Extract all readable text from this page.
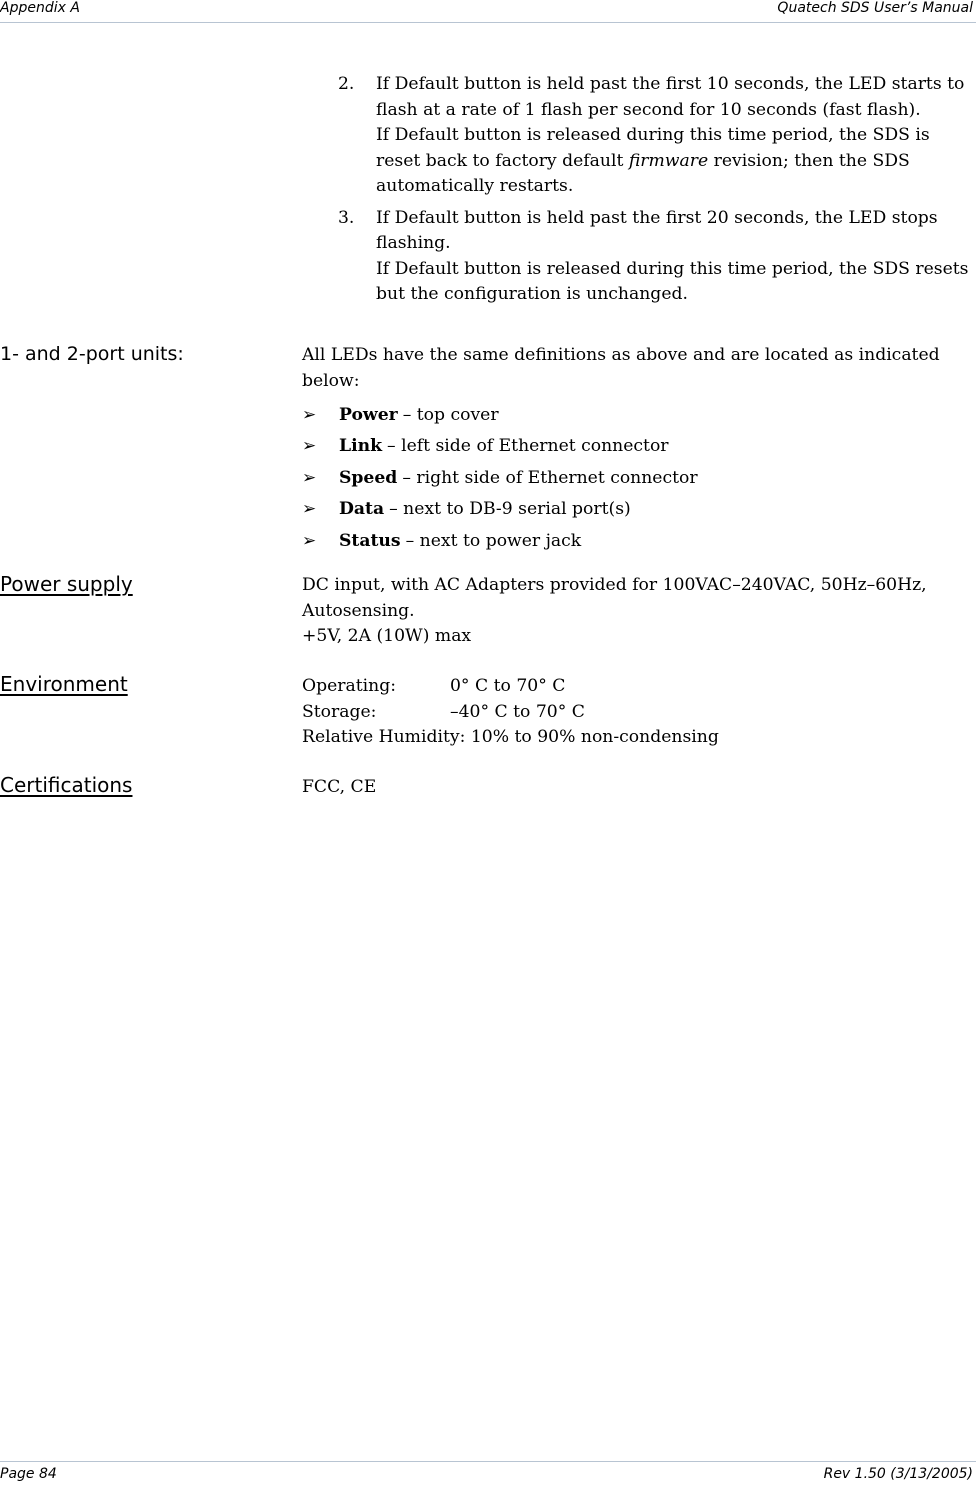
Appendix A	Quatech SDS User’s Manual
2.	If Default button is held past the first 10 seconds, the LED starts to flash at a rate of 1 flash per second for 10 seconds (fast flash).

If Default button is released during this time period, the SDS is reset back to factory default firmware revision; then the SDS automatically restarts.

3.	If Default button is held past the first 20 seconds, the LED stops flashing.

If Default button is released during this time period, the SDS resets but the configuration is unchanged.

1- and 2-port units:	All LEDs have the same definitions as above and are located as indicated below:

➢	Power – top cover
➢	Link – left side of Ethernet connector
➢	Speed – right side of Ethernet connector
➢	Data – next to DB-9 serial port(s)
➢	Status – next to power jack
Power supply	DC input, with AC Adapters provided for 100VAC–240VAC, 50Hz–60Hz, Autosensing.

+5V, 2A (10W) max

Environment	Operating:	0° C to 70° C
Storage:	–40° C to 70° C

Relative Humidity: 10% to 90% non-condensing

Certifications	FCC, CE

Page 84	Rev 1.50 (3/13/2005)
